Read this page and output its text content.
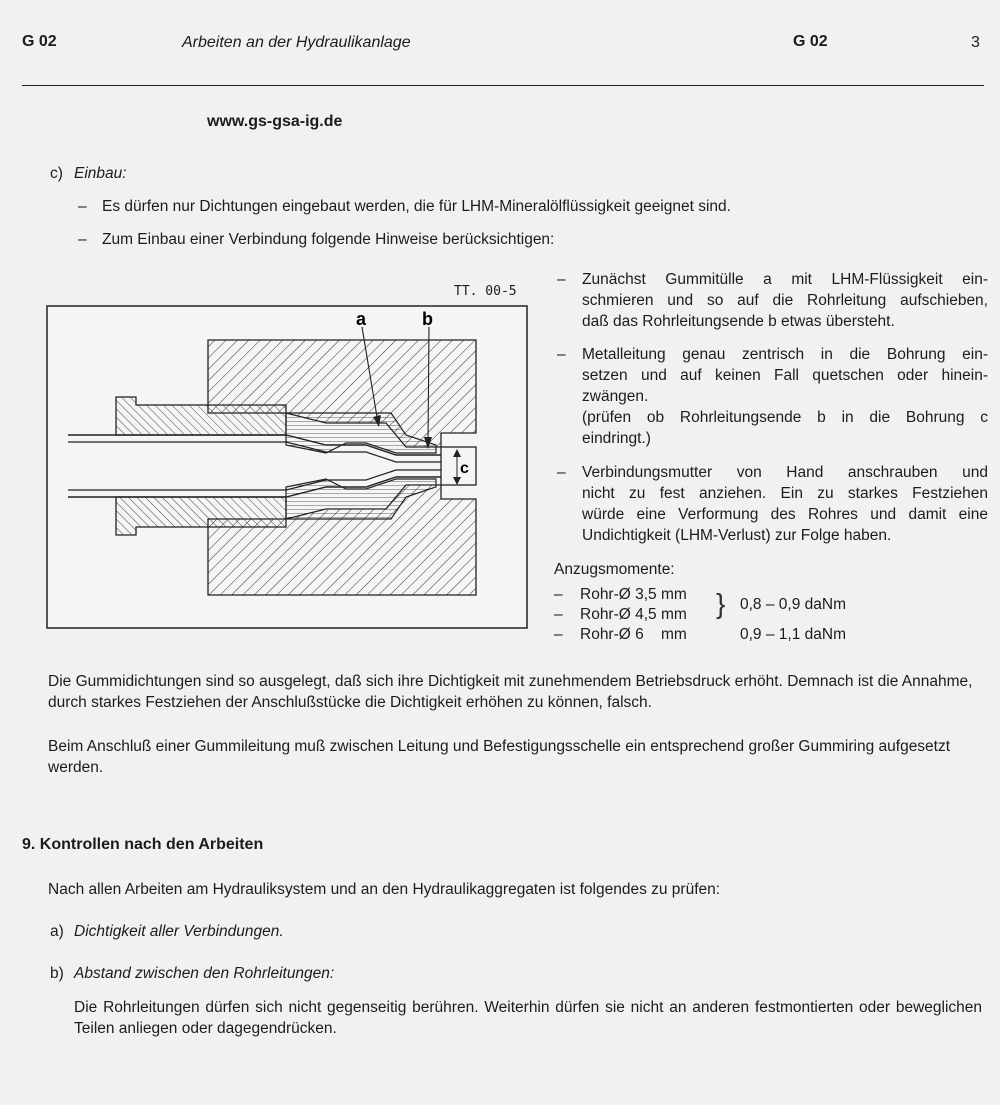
G 02	Arbeiten an der Hydraulikanlage	G 02	3
www.gs-gsa-ig.de
c) Einbau:
– Es dürfen nur Dichtungen eingebaut werden, die für LHM-Mineralölflüssigkeit geeignet sind.
– Zum Einbau einer Verbindung folgende Hinweise berücksichtigen:
TT. 00-5
a	b
c
– Zunächst Gummitülle a mit LHM-Flüssigkeit ein-
schmieren und so auf die Rohrleitung aufschieben,
daß das Rohrleitungsende b etwas übersteht.
– Metalleitung genau zentrisch in die Bohrung ein-
setzen und auf keinen Fall quetschen oder hinein-
zwängen.
(prüfen ob Rohrleitungsende b in die Bohrung c
eindringt.)
– Verbindungsmutter von Hand anschrauben und
nicht zu fest anziehen. Ein zu starkes Festziehen
würde eine Verformung des Rohres und damit eine
Undichtigkeit (LHM-Verlust) zur Folge haben.
Anzugsmomente:
–	Rohr-Ø 3,5 mm	}	0,8 – 0,9 daNm
–	Rohr-Ø 4,5 mm		
–	Rohr-Ø 6    mm		0,9 – 1,1 daNm
Die Gummidichtungen sind so ausgelegt, daß sich ihre Dichtigkeit mit zunehmendem Betriebsdruck erhöht. Demnach ist die Annahme, durch starkes Festziehen der Anschlußstücke die Dichtigkeit erhöhen zu können, falsch.
Beim Anschluß einer Gummileitung muß zwischen Leitung und Befestigungsschelle ein entsprechend großer Gummiring aufgesetzt werden.
9. Kontrollen nach den Arbeiten
Nach allen Arbeiten am Hydrauliksystem und an den Hydraulikaggregaten ist folgendes zu prüfen:
a) Dichtigkeit aller Verbindungen.
b) Abstand zwischen den Rohrleitungen:
Die Rohrleitungen dürfen sich nicht gegenseitig berühren. Weiterhin dürfen sie nicht an anderen festmontierten oder beweglichen Teilen anliegen oder dagegendrücken.
